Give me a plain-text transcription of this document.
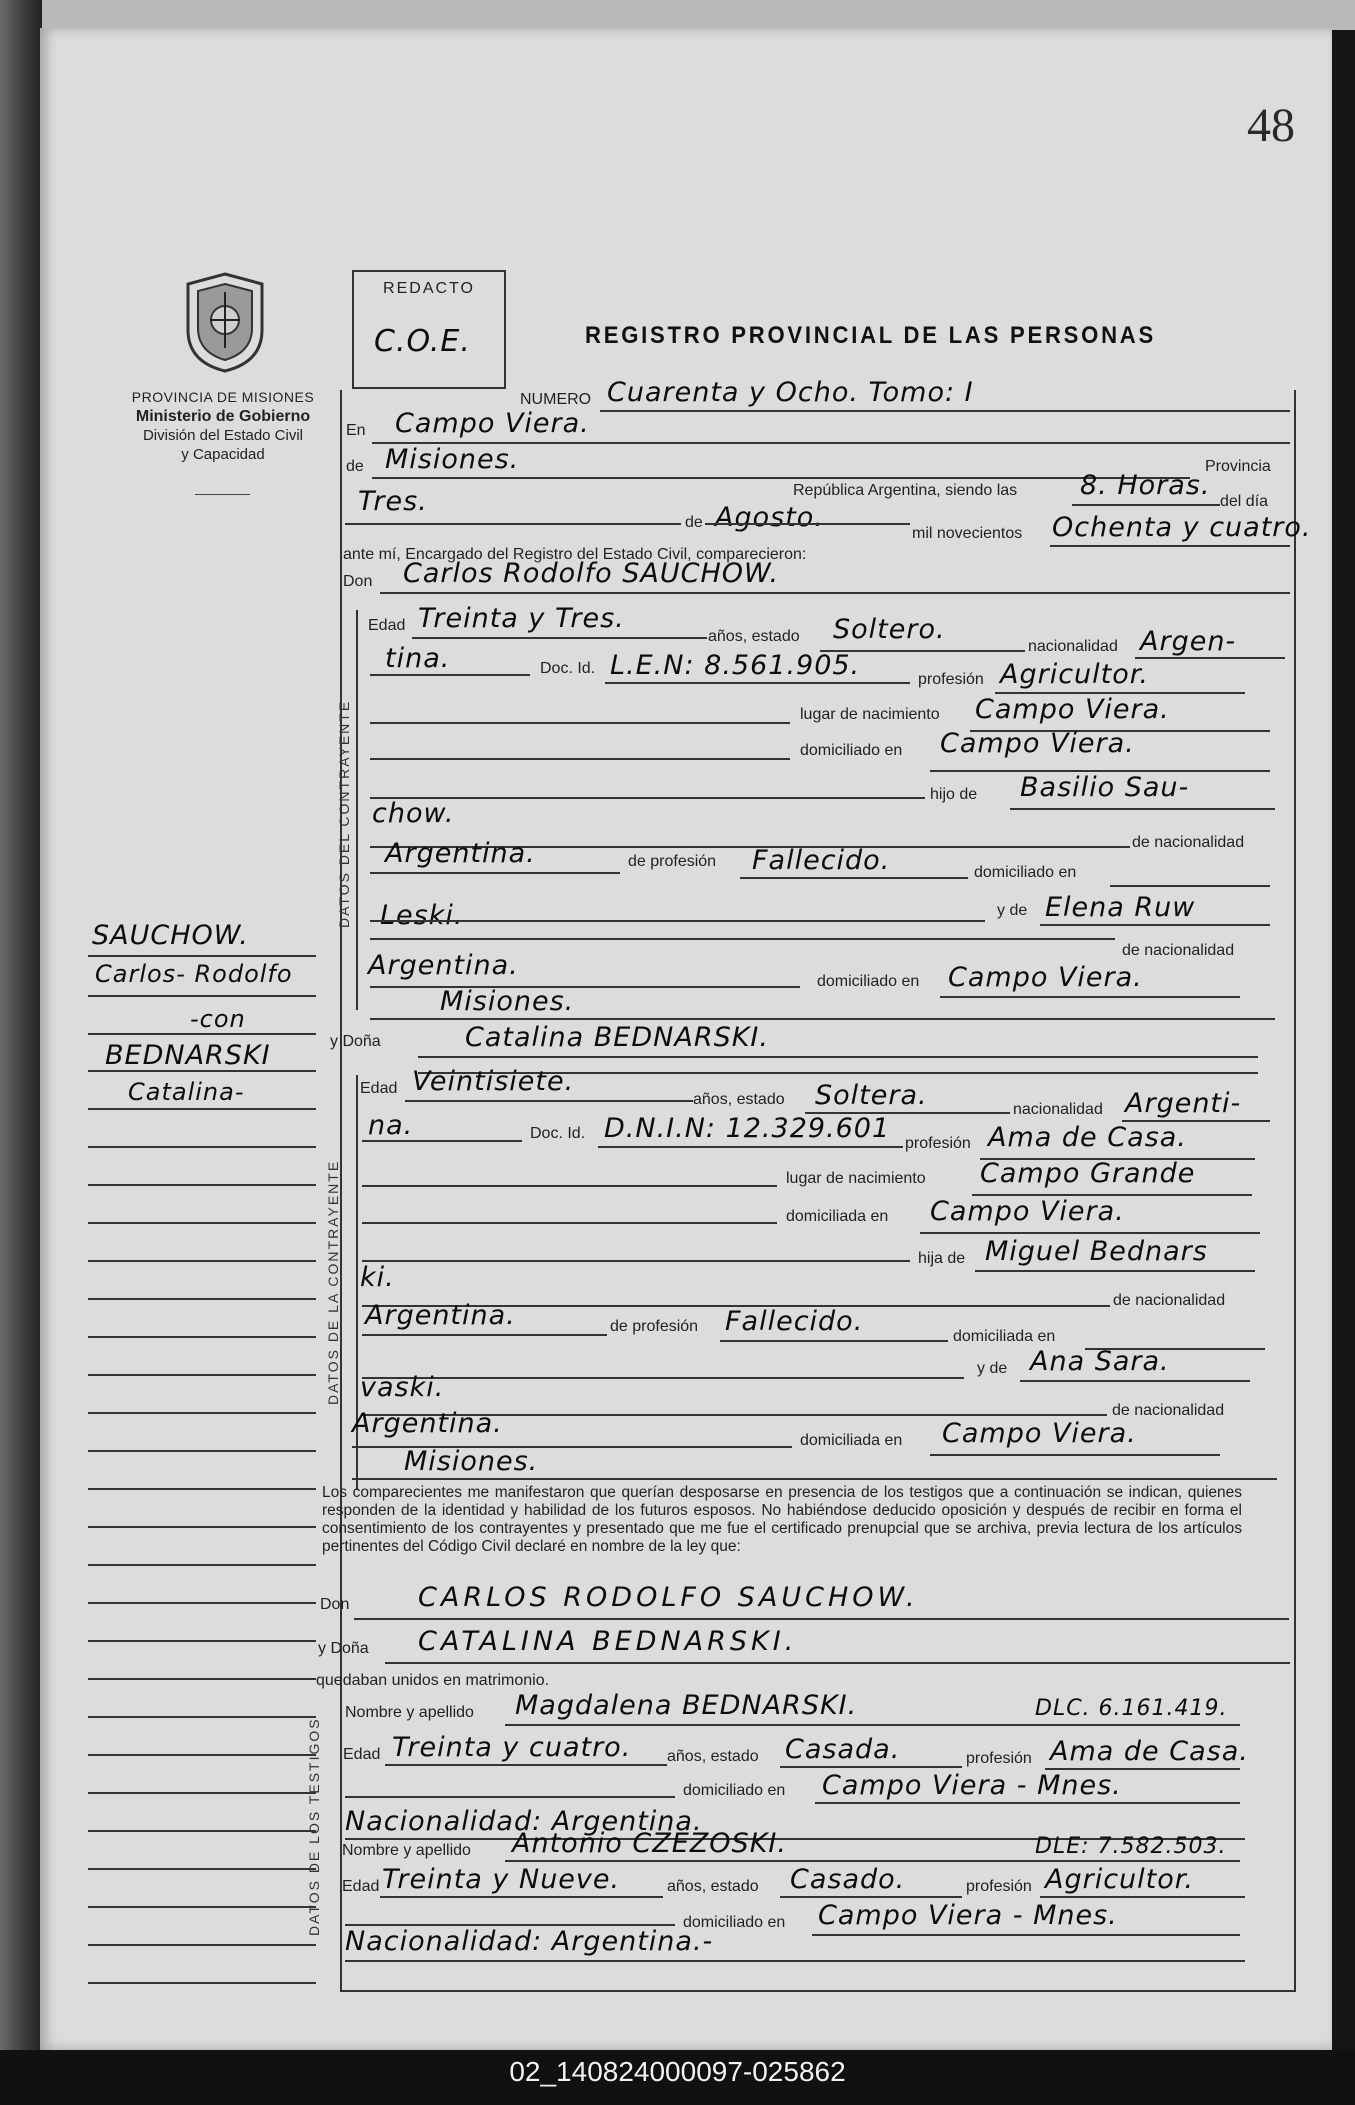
48
PROVINCIA DE MISIONES
Ministerio de Gobierno
División del Estado Civil
y Capacidad
REDACTO
C.O.E.	REGISTRO PROVINCIAL DE LAS PERSONAS
NUMERO Cuarenta y Ocho. Tomo: I
En Campo Viera.
de Misiones.	Provincia
República Argentina, siendo las 8. Horas.
del día
Tres.
de Agosto.
mil novecientos Ochenta y cuatro.
ante mí, Encargado del Registro del Estado Civil, comparecieron:
Don Carlos Rodolfo SAUCHOW.
DATOS DEL CONTRAYENTE
Edad Treinta y Tres.
años, estado Soltero.
nacionalidad Argen-
tina.	Doc. Id. L.E.N: 8.561.905.	profesión Agricultor.
lugar de nacimiento Campo Viera.
domiciliado en Campo Viera.
hijo de Basilio Sau-
chow.
de nacionalidad
Argentina.	de profesión Fallecido.	domiciliado en
Leski.	y de Elena Ruw
de nacionalidad
Argentina.
domiciliado en Campo Viera.
Misiones.
y Doña	Catalina BEDNARSKI.
DATOS DE LA CONTRAYENTE
Edad Veintisiete.
años, estado Soltera.	nacionalidad Argenti-
na.	Doc. Id. D.N.I.N: 12.329.601 profesión Ama de Casa.
lugar de nacimiento Campo Grande
domiciliada en Campo Viera.
hija de Miguel Bednars
ki.
de nacionalidad
Argentina.	de profesión Fallecido.	domiciliada en
y de Ana Sara.
vaski.
de nacionalidad
Argentina.
domiciliada en Campo Viera.
Misiones.
Los comparecientes me manifestaron que querían desposarse en presencia de los testigos que a continuación se indican, quienes responden de la identidad y habilidad de los futuros esposos. No habiéndose deducido oposición y después de recibir en forma el consentimiento de los contrayentes y presentado que me fue el certificado prenupcial que se archiva, previa lectura de los artículos pertinentes del Código Civil declaré en nombre de la ley que:
Don	CARLOS RODOLFO SAUCHOW.
y Doña CATALINA BEDNARSKI.
quedaban unidos en matrimonio.
DATOS DE LOS TESTIGOS
Nombre y apellido Magdalena BEDNARSKI.	DLC. 6.161.419.
Edad Treinta y cuatro. años, estado Casada.	profesión Ama de Casa.
domiciliado en Campo Viera - Mnes.
Nacionalidad: Argentina.
Nombre y apellido Antonio CZEZOSKI.	DLE: 7.582.503.
Edad Treinta y Nueve.	años, estado Casado.	profesión Agricultor.
domiciliado en Campo Viera - Mnes.
Nacionalidad: Argentina.-
SAUCHOW.
Carlos- Rodolfo
-con
BEDNARSKI
Catalina-
02_140824000097-025862
